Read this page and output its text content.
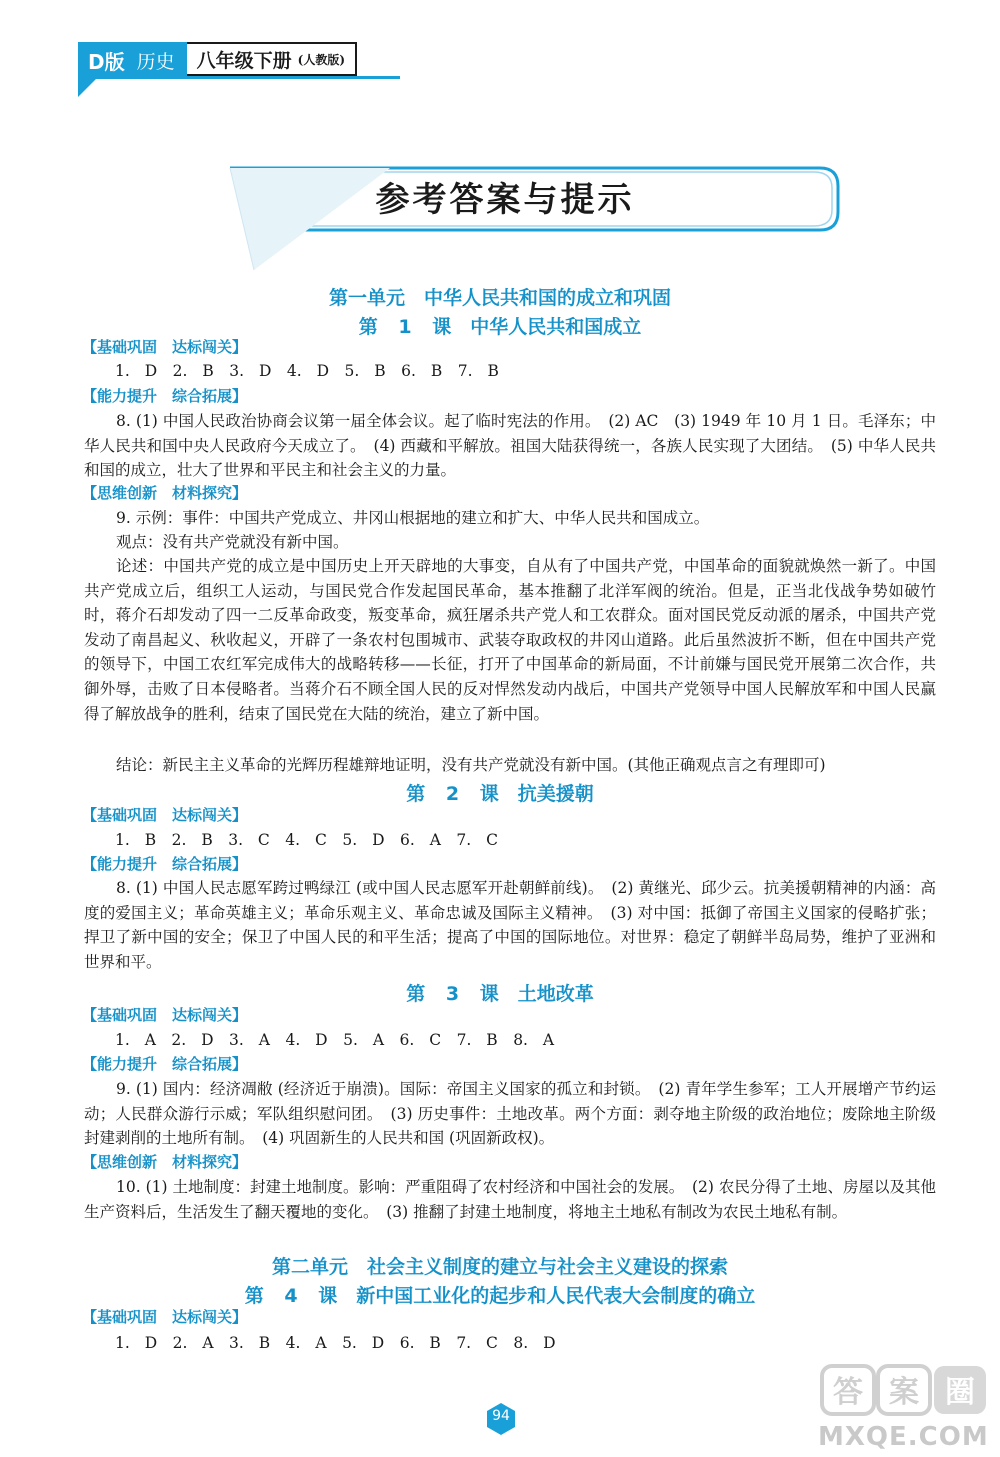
D版 历史	八年级下册 (人教版)
参考答案与提示
第一单元　中华人民共和国的成立和巩固
第 1 课　中华人民共和国成立
【基础巩固　达标闯关】
1. D　2. B　3. D　4. D　5. B　6. B　7. B
【能力提升　综合拓展】
8. (1) 中国人民政治协商会议第一届全体会议。起了临时宪法的作用。　(2) AC　(3) 1949 年 10 月 1 日。毛泽东；中华人民共和国中央人民政府今天成立了。　(4) 西藏和平解放。祖国大陆获得统一，各族人民实现了大团结。　(5) 中华人民共和国的成立，壮大了世界和平民主和社会主义的力量。
【思维创新　材料探究】
9. 示例：事件：中国共产党成立、井冈山根据地的建立和扩大、中华人民共和国成立。
观点：没有共产党就没有新中国。
论述：中国共产党的成立是中国历史上开天辟地的大事变，自从有了中国共产党，中国革命的面貌就焕然一新了。中国共产党成立后，组织工人运动，与国民党合作发起国民革命，基本推翻了北洋军阀的统治。但是，正当北伐战争势如破竹时，蒋介石却发动了四一二反革命政变，叛变革命，疯狂屠杀共产党人和工农群众。面对国民党反动派的屠杀，中国共产党发动了南昌起义、秋收起义，开辟了一条农村包围城市、武装夺取政权的井冈山道路。此后虽然波折不断，但在中国共产党的领导下，中国工农红军完成伟大的战略转移——长征，打开了中国革命的新局面，不计前嫌与国民党开展第二次合作，共御外辱，击败了日本侵略者。当蒋介石不顾全国人民的反对悍然发动内战后，中国共产党领导中国人民解放军和中国人民赢得了解放战争的胜利，结束了国民党在大陆的统治，建立了新中国。
结论：新民主主义革命的光辉历程雄辩地证明，没有共产党就没有新中国。(其他正确观点言之有理即可)
第 2 课　抗美援朝
【基础巩固　达标闯关】
1. B　2. B　3. C　4. C　5. D　6. A　7. C
【能力提升　综合拓展】
8. (1) 中国人民志愿军跨过鸭绿江 (或中国人民志愿军开赴朝鲜前线)。　(2) 黄继光、邱少云。抗美援朝精神的内涵：高度的爱国主义；革命英雄主义；革命乐观主义、革命忠诚及国际主义精神。　(3) 对中国：抵御了帝国主义国家的侵略扩张；捍卫了新中国的安全；保卫了中国人民的和平生活；提高了中国的国际地位。对世界：稳定了朝鲜半岛局势，维护了亚洲和世界和平。
第 3 课　土地改革
【基础巩固　达标闯关】
1. A　2. D　3. A　4. D　5. A　6. C　7. B　8. A
【能力提升　综合拓展】
9. (1) 国内：经济凋敝 (经济近于崩溃)。国际：帝国主义国家的孤立和封锁。　(2) 青年学生参军；工人开展增产节约运动；人民群众游行示威；军队组织慰问团。　(3) 历史事件：土地改革。两个方面：剥夺地主阶级的政治地位；废除地主阶级封建剥削的土地所有制。　(4) 巩固新生的人民共和国 (巩固新政权)。
【思维创新　材料探究】
10. (1) 土地制度：封建土地制度。影响：严重阻碍了农村经济和中国社会的发展。　(2) 农民分得了土地、房屋以及其他生产资料后，生活发生了翻天覆地的变化。　(3) 推翻了封建土地制度，将地主土地私有制改为农民土地私有制。
第二单元　社会主义制度的建立与社会主义建设的探索
第 4 课　新中国工业化的起步和人民代表大会制度的确立
【基础巩固　达标闯关】
1. D　2. A　3. B　4. A　5. D　6. B　7. C　8. D
94
答 案 圈
MXQE.COM
